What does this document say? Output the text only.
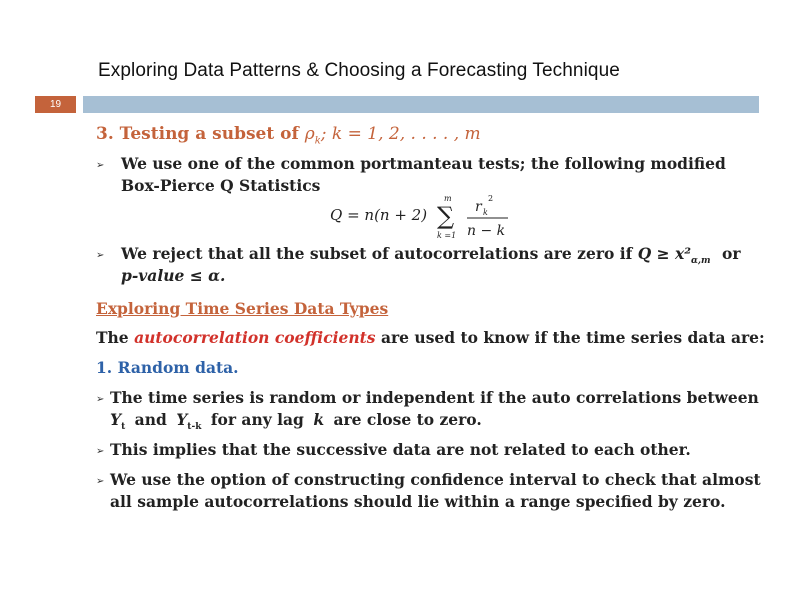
Exploring Data Patterns & Choosing a Forecasting Technique
19
3. Testing a subset of $\rho_k$; k = 1, 2, . . . . , m
➢ We use one of the common portmanteau tests; the following modified
Box-Pierce Q Statistics
Q = n(n + 2)
m
∑
k =1
r k
2
n − k
➢ We reject that all the subset of autocorrelations are zero if $Q \ge x^2_{\alpha,m}$ or
p-value ≤ α.
Exploring Time Series Data Types
The autocorrelation coefficients are used to know if the time series data are:
1. Random data.
➢ The time series is random or independent if the auto correlations between
$Y_t$ and $Y_{t-k}$ for any lag k are close to zero.
➢ This implies that the successive data are not related to each other.
➢ We use the option of constructing confidence interval to check that almost
all sample autocorrelations should lie within a range specified by zero.
